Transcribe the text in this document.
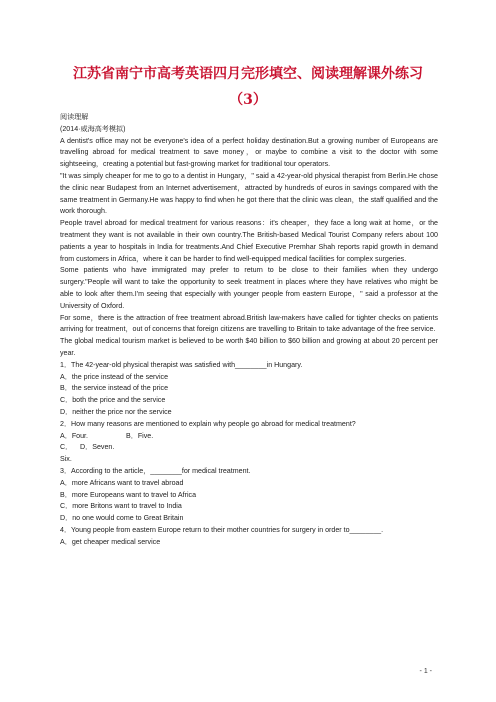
江苏省南宁市高考英语四月完形填空、阅读理解课外练习
（3）

阅读理解

(2014·威海高考模拟)

A dentist's office may not be everyone's idea of a perfect holiday destination.But a growing number of Europeans are travelling abroad for medical treatment to save money，or maybe to combine a visit to the doctor with some sightseeing，creating a potential but fast-growing market for traditional tour operators.

"It was simply cheaper for me to go to a dentist in Hungary，" said a 42-year-old physical therapist from Berlin.He chose the clinic near Budapest from an Internet advertisement，attracted by hundreds of euros in savings compared with the same treatment in Germany.He was happy to find when he got there that the clinic was clean，the staff qualified and the work thorough.

People travel abroad for medical treatment for various reasons：it's cheaper，they face a long wait at home，or the treatment they want is not available in their own country.The British-based Medical Tourist Company refers about 100 patients a year to hospitals in India for treatments.And Chief Executive Premhar Shah reports rapid growth in demand from customers in Africa，where it can be harder to find well-equipped medical facilities for complex surgeries.

Some patients who have immigrated may prefer to return to be close to their families when they undergo surgery."People will want to take the opportunity to seek treatment in places where they have relatives who might be able to look after them.I'm seeing that especially with younger people from eastern Europe，" said a professor at the University of Oxford.

For some，there is the attraction of free treatment abroad.British law-makers have called for tighter checks on patients arriving for treatment，out of concerns that foreign citizens are travelling to Britain to take advantage of the free service.

The global medical tourism market is believed to be worth $40 billion to $60 billion and growing at about 20 percent per year.

1．The 42-year-old physical therapist was satisfied with________in Hungary.

A．the price instead of the service

B．the service instead of the price

C．both the price and the service

D．neither the price nor the service

2．How many reasons are mentioned to explain why people go abroad for medical treatment?

A．Four.	B．Five.
C．Six.
D．Seven.

3．According to the article，________for medical treatment.

A．more Africans want to travel abroad

B．more Europeans want to travel to Africa

C．more Britons want to travel to India

D．no one would come to Great Britain

4．Young people from eastern Europe return to their mother countries for surgery in order to________.

A．get cheaper medical service

- 1 -
